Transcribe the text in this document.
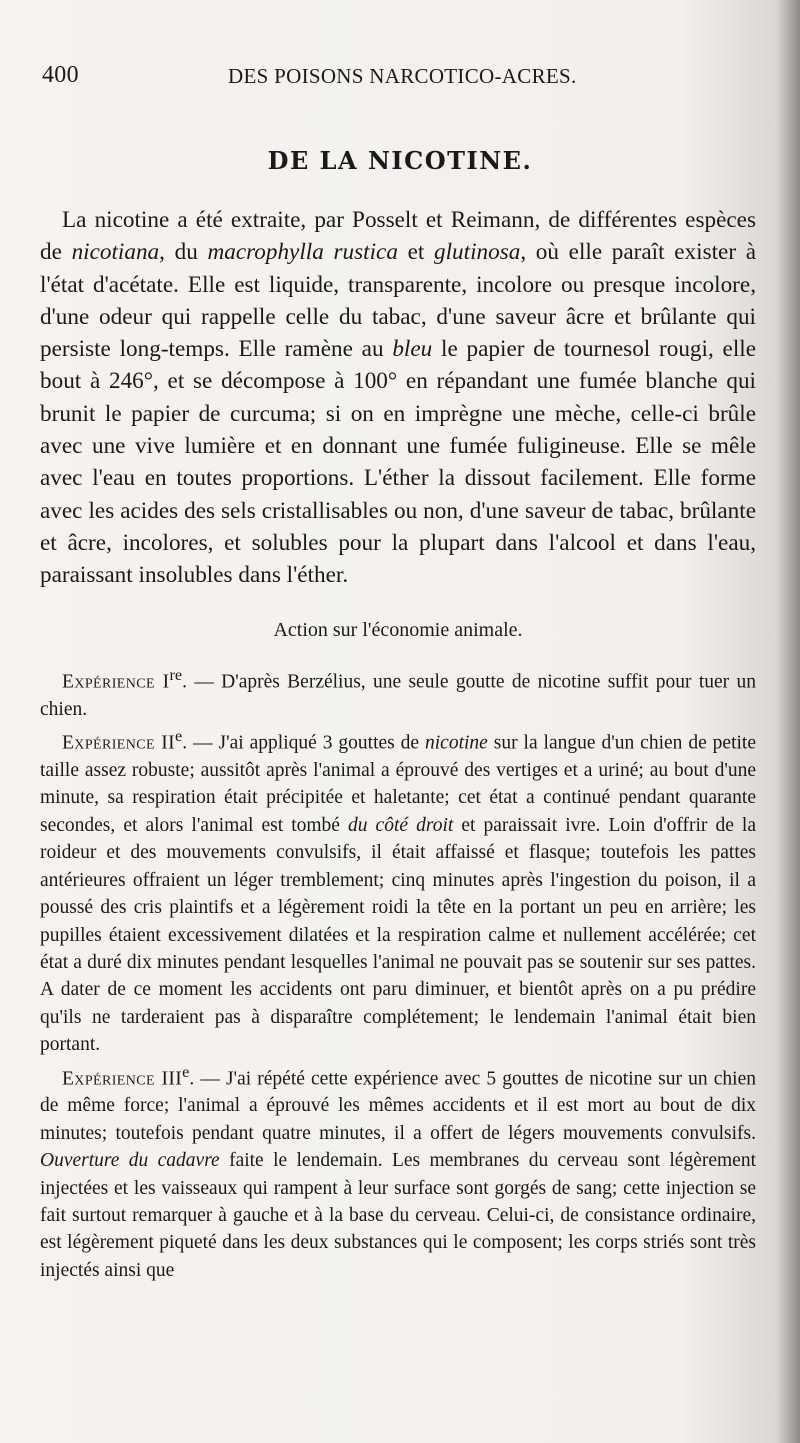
400	DES POISONS NARCOTICO-ACRES.
DE LA NICOTINE.

La nicotine a été extraite, par Posselt et Reimann, de différentes espèces de nicotiana, du macrophylla rustica et glutinosa, où elle paraît exister à l'état d'acétate. Elle est liquide, transparente, incolore ou presque incolore, d'une odeur qui rappelle celle du tabac, d'une saveur âcre et brûlante qui persiste long-temps. Elle ramène au bleu le papier de tournesol rougi, elle bout à 246°, et se décompose à 100° en répandant une fumée blanche qui brunit le papier de curcuma; si on en imprègne une mèche, celle-ci brûle avec une vive lumière et en donnant une fumée fuligineuse. Elle se mêle avec l'eau en toutes proportions. L'éther la dissout facilement. Elle forme avec les acides des sels cristallisables ou non, d'une saveur de tabac, brûlante et âcre, incolores, et solubles pour la plupart dans l'alcool et dans l'eau, paraissant insolubles dans l'éther.

Action sur l'économie animale.

Expérience Ire. — D'après Berzélius, une seule goutte de nicotine suffit pour tuer un chien.

Expérience IIe. — J'ai appliqué 3 gouttes de nicotine sur la langue d'un chien de petite taille assez robuste; aussitôt après l'animal a éprouvé des vertiges et a uriné; au bout d'une minute, sa respiration était précipitée et haletante; cet état a continué pendant quarante secondes, et alors l'animal est tombé du côté droit et paraissait ivre. Loin d'offrir de la roideur et des mouvements convulsifs, il était affaissé et flasque; toutefois les pattes antérieures offraient un léger tremblement; cinq minutes après l'ingestion du poison, il a poussé des cris plaintifs et a légèrement roidi la tête en la portant un peu en arrière; les pupilles étaient excessivement dilatées et la respiration calme et nullement accélérée; cet état a duré dix minutes pendant lesquelles l'animal ne pouvait pas se soutenir sur ses pattes. A dater de ce moment les accidents ont paru diminuer, et bientôt après on a pu prédire qu'ils ne tarderaient pas à disparaître complétement; le lendemain l'animal était bien portant.

Expérience IIIe. — J'ai répété cette expérience avec 5 gouttes de nicotine sur un chien de même force; l'animal a éprouvé les mêmes accidents et il est mort au bout de dix minutes; toutefois pendant quatre minutes, il a offert de légers mouvements convulsifs. Ouverture du cadavre faite le lendemain. Les membranes du cerveau sont légèrement injectées et les vaisseaux qui rampent à leur surface sont gorgés de sang; cette injection se fait surtout remarquer à gauche et à la base du cerveau. Celui-ci, de consistance ordinaire, est légèrement piqueté dans les deux substances qui le composent; les corps striés sont très injectés ainsi que
